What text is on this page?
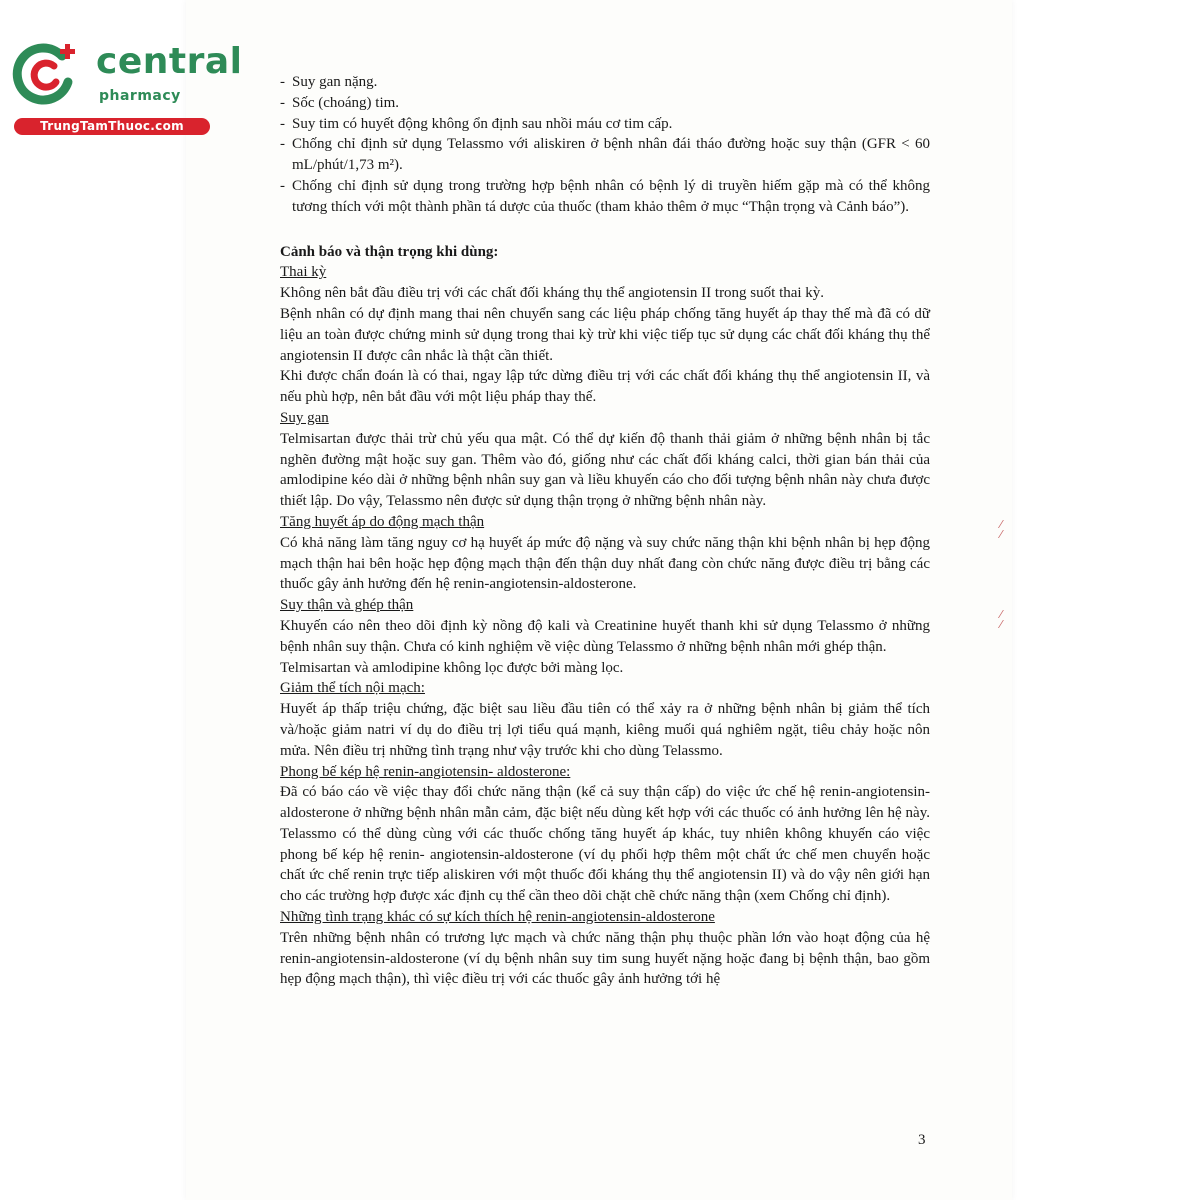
central
pharmacy
TrungTamThuoc.com
- Suy gan nặng.
- Sốc (choáng) tim.
- Suy tim có huyết động không ổn định sau nhồi máu cơ tim cấp.
- Chống chỉ định sử dụng Telassmo với aliskiren ở bệnh nhân đái tháo đường hoặc suy thận (GFR < 60 mL/phút/1,73 m²).
- Chống chỉ định sử dụng trong trường hợp bệnh nhân có bệnh lý di truyền hiếm gặp mà có thể không tương thích với một thành phần tá dược của thuốc (tham khảo thêm ở mục “Thận trọng và Cảnh báo”).
Cảnh báo và thận trọng khi dùng:
Thai kỳ

Không nên bắt đầu điều trị với các chất đối kháng thụ thể angiotensin II trong suốt thai kỳ.

Bệnh nhân có dự định mang thai nên chuyển sang các liệu pháp chống tăng huyết áp thay thế mà đã có dữ liệu an toàn được chứng minh sử dụng trong thai kỳ trừ khi việc tiếp tục sử dụng các chất đối kháng thụ thể angiotensin II được cân nhắc là thật cần thiết.

Khi được chẩn đoán là có thai, ngay lập tức dừng điều trị với các chất đối kháng thụ thể angiotensin II, và nếu phù hợp, nên bắt đầu với một liệu pháp thay thế.

Suy gan

Telmisartan được thải trừ chủ yếu qua mật. Có thể dự kiến độ thanh thải giảm ở những bệnh nhân bị tắc nghẽn đường mật hoặc suy gan. Thêm vào đó, giống như các chất đối kháng calci, thời gian bán thải của amlodipine kéo dài ở những bệnh nhân suy gan và liều khuyến cáo cho đối tượng bệnh nhân này chưa được thiết lập. Do vậy, Telassmo nên được sử dụng thận trọng ở những bệnh nhân này.

Tăng huyết áp do động mạch thận

Có khả năng làm tăng nguy cơ hạ huyết áp mức độ nặng và suy chức năng thận khi bệnh nhân bị hẹp động mạch thận hai bên hoặc hẹp động mạch thận đến thận duy nhất đang còn chức năng được điều trị bằng các thuốc gây ảnh hưởng đến hệ renin-angiotensin-aldosterone.

Suy thận và ghép thận

Khuyến cáo nên theo dõi định kỳ nồng độ kali và Creatinine huyết thanh khi sử dụng Telassmo ở những bệnh nhân suy thận. Chưa có kinh nghiệm về việc dùng Telassmo ở những bệnh nhân mới ghép thận.

Telmisartan và amlodipine không lọc được bởi màng lọc.

Giảm thể tích nội mạch:

Huyết áp thấp triệu chứng, đặc biệt sau liều đầu tiên có thể xảy ra ở những bệnh nhân bị giảm thể tích và/hoặc giảm natri ví dụ do điều trị lợi tiểu quá mạnh, kiêng muối quá nghiêm ngặt, tiêu chảy hoặc nôn mửa. Nên điều trị những tình trạng như vậy trước khi cho dùng Telassmo.

Phong bế kép hệ renin-angiotensin- aldosterone:

Đã có báo cáo về việc thay đổi chức năng thận (kể cả suy thận cấp) do việc ức chế hệ renin-angiotensin- aldosterone ở những bệnh nhân mẫn cảm, đặc biệt nếu dùng kết hợp với các thuốc có ảnh hưởng lên hệ này. Telassmo có thể dùng cùng với các thuốc chống tăng huyết áp khác, tuy nhiên không khuyến cáo việc phong bế kép hệ renin- angiotensin-aldosterone (ví dụ phối hợp thêm một chất ức chế men chuyển hoặc chất ức chế renin trực tiếp aliskiren với một thuốc đối kháng thụ thể angiotensin II) và do vậy nên giới hạn cho các trường hợp được xác định cụ thể cần theo dõi chặt chẽ chức năng thận (xem Chống chỉ định).

Những tình trạng khác có sự kích thích hệ renin-angiotensin-aldosterone

Trên những bệnh nhân có trương lực mạch và chức năng thận phụ thuộc phần lớn vào hoạt động của hệ renin-angiotensin-aldosterone (ví dụ bệnh nhân suy tim sung huyết nặng hoặc đang bị bệnh thận, bao gồm hẹp động mạch thận), thì việc điều trị với các thuốc gây ảnh hưởng tới hệ

3
⁄
⁄
⁄
⁄
